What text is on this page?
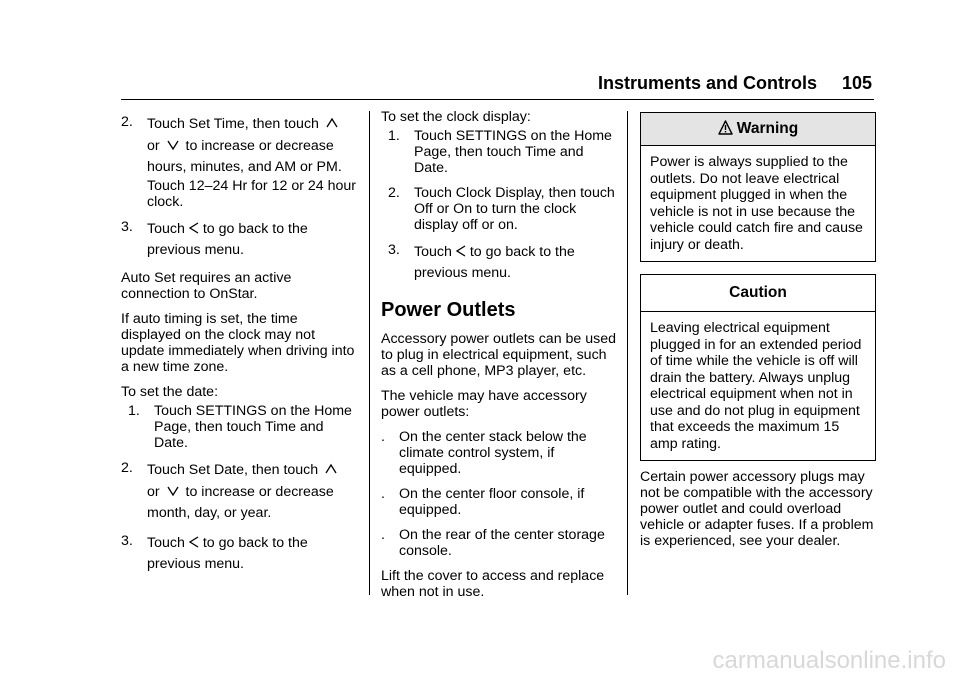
Instruments and Controls 105
2. Touch Set Time, then touch
or to increase or decrease
hours, minutes, and AM or PM.
Touch 12–24 Hr for 12 or 24 hour clock.
3. Touch to go back to the
previous menu.

Auto Set requires an active connection to OnStar.

If auto timing is set, the time displayed on the clock may not update immediately when driving into a new time zone.

To set the date:

1. Touch SETTINGS on the Home Page, then touch Time and Date.
2. Touch Set Date, then touch
or to increase or decrease
month, day, or year.
3. Touch to go back to the
previous menu.

To set the clock display:

1. Touch SETTINGS on the Home Page, then touch Time and Date.
2. Touch Clock Display, then touch Off or On to turn the clock display off or on.
3. Touch to go back to the
previous menu.
Power Outlets

Accessory power outlets can be used to plug in electrical equipment, such as a cell phone, MP3 player, etc.

The vehicle may have accessory power outlets:

. On the center stack below the climate control system, if equipped.
. On the center floor console, if equipped.
. On the rear of the center storage console.

Lift the cover to access and replace when not in use.

Warning
Power is always supplied to the outlets. Do not leave electrical equipment plugged in when the vehicle is not in use because the vehicle could catch fire and cause injury or death.
Caution
Leaving electrical equipment plugged in for an extended period of time while the vehicle is off will drain the battery. Always unplug electrical equipment when not in use and do not plug in equipment that exceeds the maximum 15 amp rating.

Certain power accessory plugs may not be compatible with the accessory power outlet and could overload vehicle or adapter fuses. If a problem is experienced, see your dealer.

carmanualsonline.info
